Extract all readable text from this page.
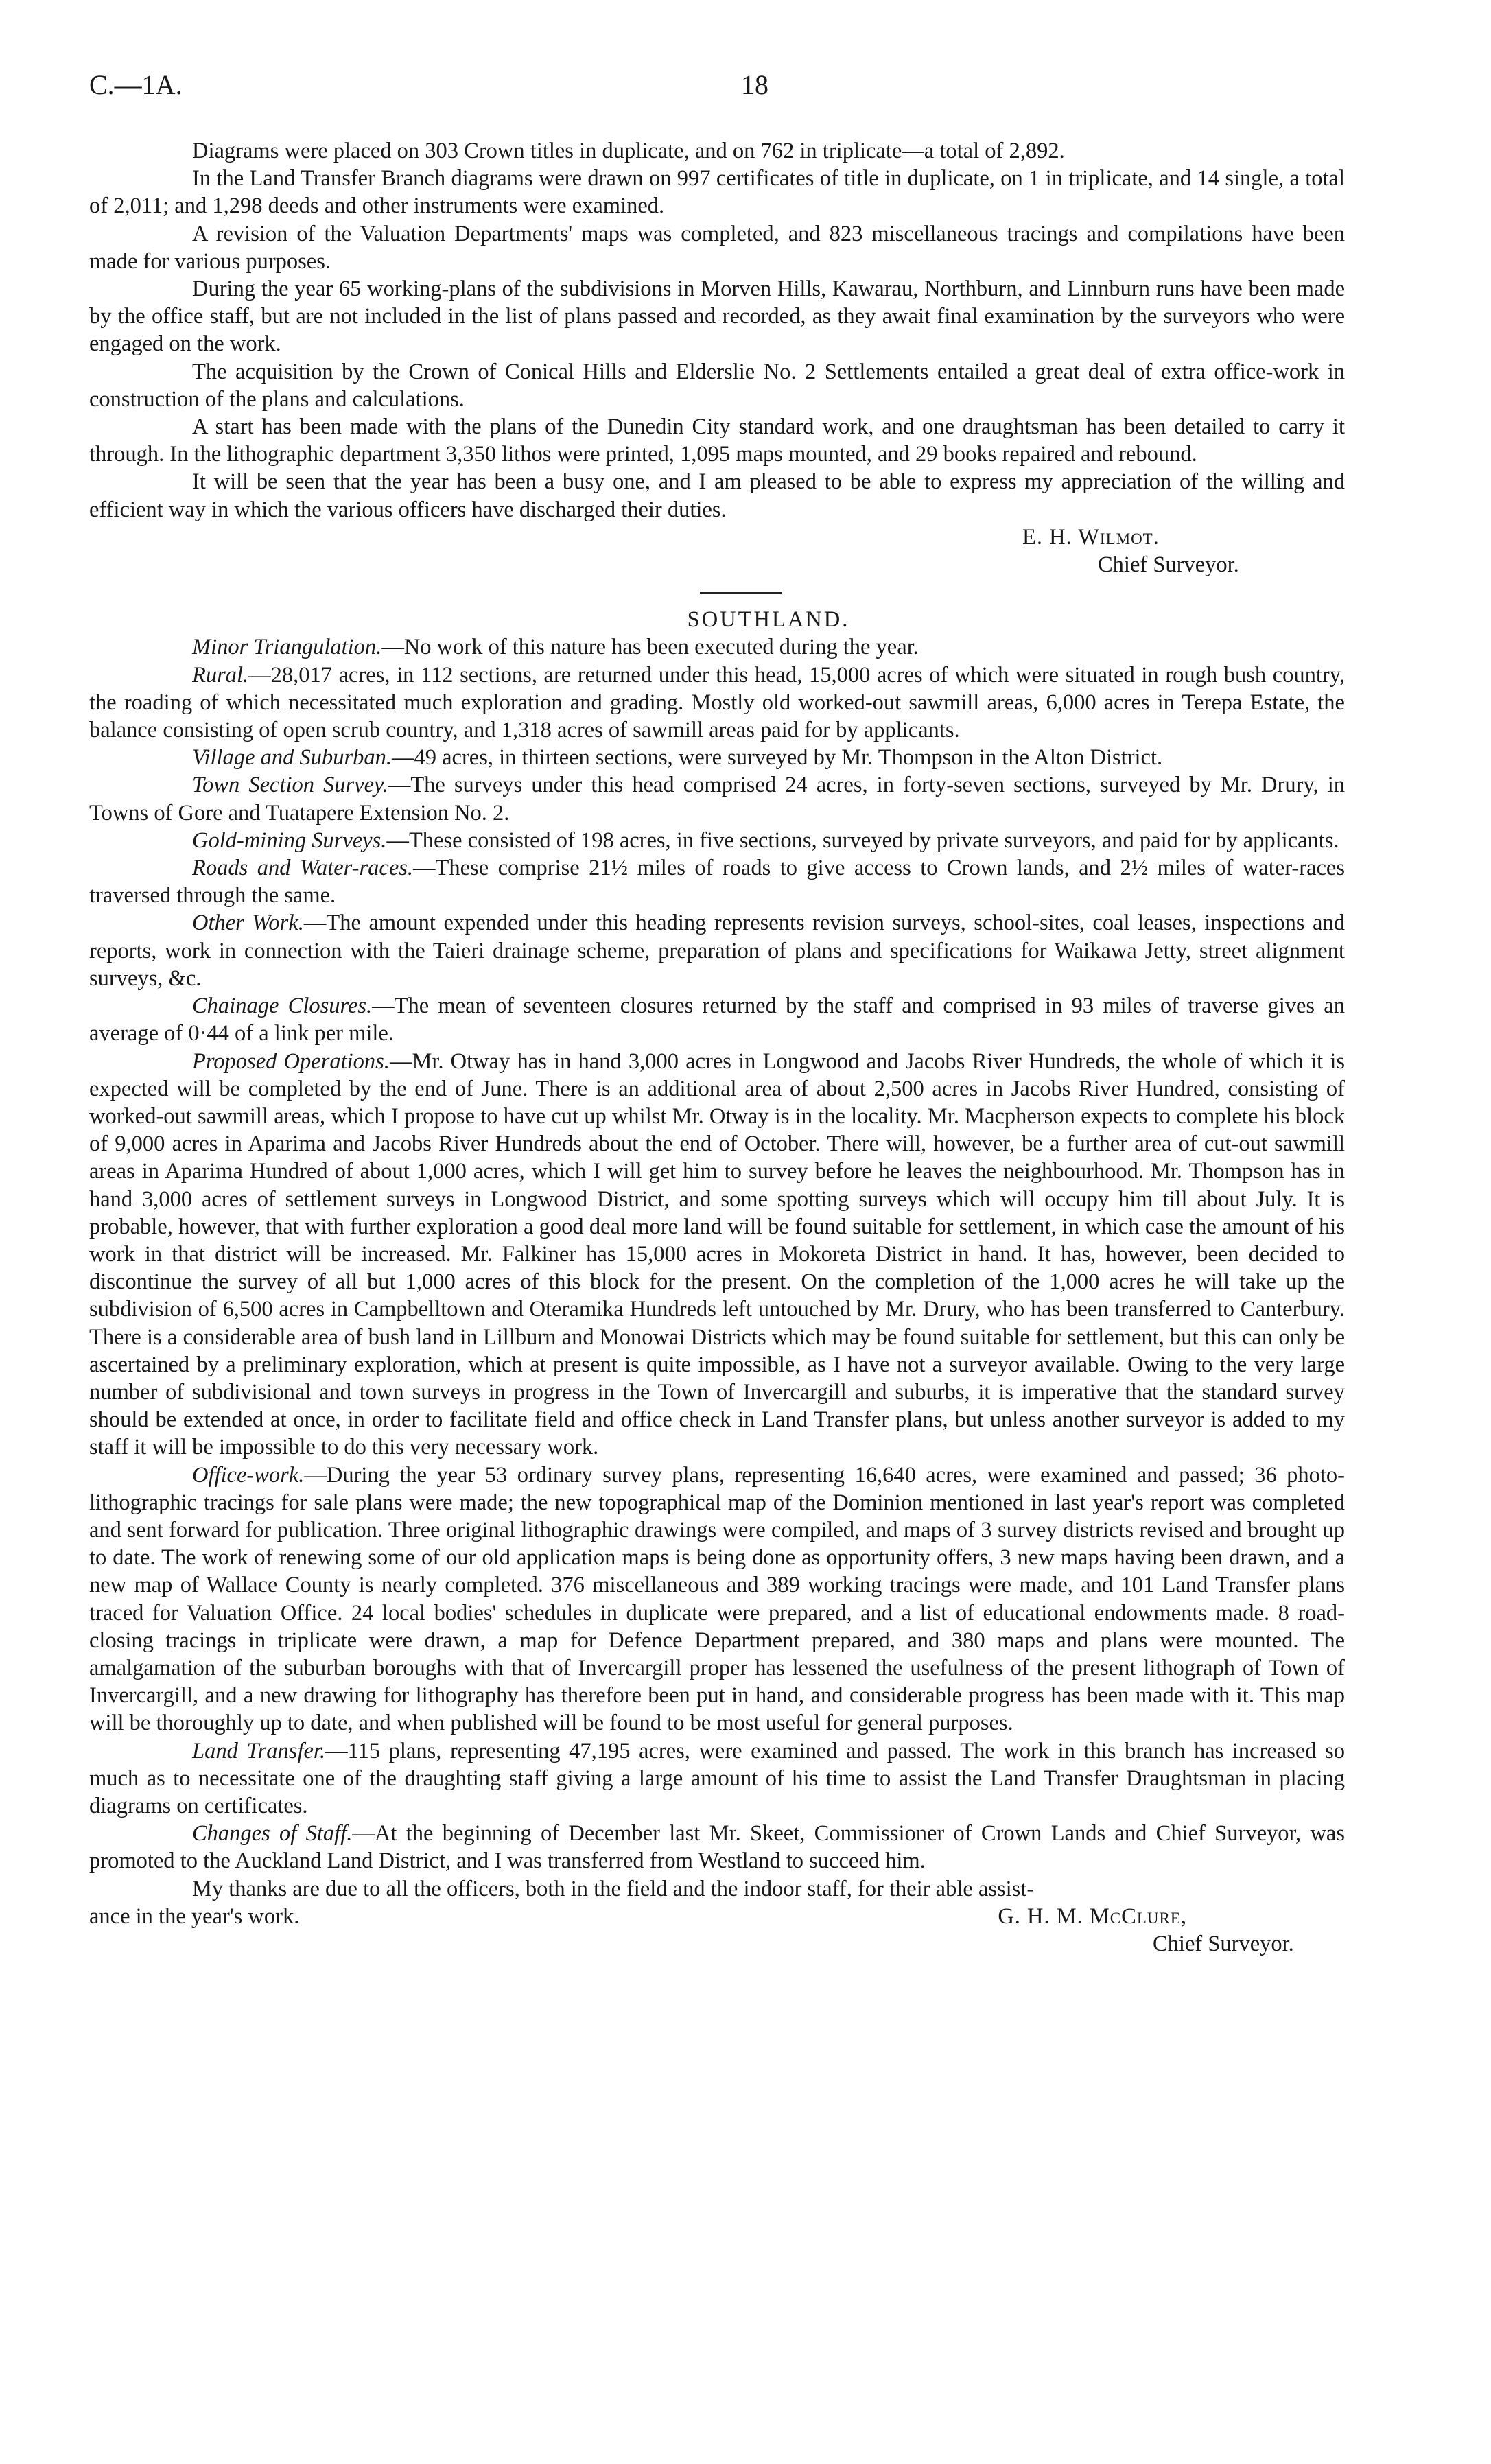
C.—1A.	18

Diagrams were placed on 303 Crown titles in duplicate, and on 762 in triplicate—a total of 2,892.

In the Land Transfer Branch diagrams were drawn on 997 certificates of title in duplicate, on 1 in triplicate, and 14 single, a total of 2,011; and 1,298 deeds and other instruments were examined.

A revision of the Valuation Departments' maps was completed, and 823 miscellaneous tracings and compilations have been made for various purposes.

During the year 65 working-plans of the subdivisions in Morven Hills, Kawarau, Northburn, and Linnburn runs have been made by the office staff, but are not included in the list of plans passed and recorded, as they await final examination by the surveyors who were engaged on the work.

The acquisition by the Crown of Conical Hills and Elderslie No. 2 Settlements entailed a great deal of extra office-work in construction of the plans and calculations.

A start has been made with the plans of the Dunedin City standard work, and one draughtsman has been detailed to carry it through. In the lithographic department 3,350 lithos were printed, 1,095 maps mounted, and 29 books repaired and rebound.

It will be seen that the year has been a busy one, and I am pleased to be able to express my appreciation of the willing and efficient way in which the various officers have discharged their duties.

E. H. Wilmot.
Chief Surveyor.

SOUTHLAND.

Minor Triangulation.—No work of this nature has been executed during the year.

Rural.—28,017 acres, in 112 sections, are returned under this head, 15,000 acres of which were situated in rough bush country, the roading of which necessitated much exploration and grading. Mostly old worked-out sawmill areas, 6,000 acres in Terepa Estate, the balance consisting of open scrub country, and 1,318 acres of sawmill areas paid for by applicants.

Village and Suburban.—49 acres, in thirteen sections, were surveyed by Mr. Thompson in the Alton District.

Town Section Survey.—The surveys under this head comprised 24 acres, in forty-seven sections, surveyed by Mr. Drury, in Towns of Gore and Tuatapere Extension No. 2.

Gold-mining Surveys.—These consisted of 198 acres, in five sections, surveyed by private surveyors, and paid for by applicants.

Roads and Water-races.—These comprise 21½ miles of roads to give access to Crown lands, and 2½ miles of water-races traversed through the same.

Other Work.—The amount expended under this heading represents revision surveys, school-sites, coal leases, inspections and reports, work in connection with the Taieri drainage scheme, preparation of plans and specifications for Waikawa Jetty, street alignment surveys, &c.

Chainage Closures.—The mean of seventeen closures returned by the staff and comprised in 93 miles of traverse gives an average of 0·44 of a link per mile.

Proposed Operations.—Mr. Otway has in hand 3,000 acres in Longwood and Jacobs River Hundreds, the whole of which it is expected will be completed by the end of June. There is an additional area of about 2,500 acres in Jacobs River Hundred, consisting of worked-out sawmill areas, which I propose to have cut up whilst Mr. Otway is in the locality. Mr. Macpherson expects to complete his block of 9,000 acres in Aparima and Jacobs River Hundreds about the end of October. There will, however, be a further area of cut-out sawmill areas in Aparima Hundred of about 1,000 acres, which I will get him to survey before he leaves the neighbourhood. Mr. Thompson has in hand 3,000 acres of settlement surveys in Longwood District, and some spotting surveys which will occupy him till about July. It is probable, however, that with further exploration a good deal more land will be found suitable for settlement, in which case the amount of his work in that district will be increased. Mr. Falkiner has 15,000 acres in Mokoreta District in hand. It has, however, been decided to discontinue the survey of all but 1,000 acres of this block for the present. On the completion of the 1,000 acres he will take up the subdivision of 6,500 acres in Campbelltown and Oteramika Hundreds left untouched by Mr. Drury, who has been transferred to Canterbury. There is a considerable area of bush land in Lillburn and Monowai Districts which may be found suitable for settlement, but this can only be ascertained by a preliminary exploration, which at present is quite impossible, as I have not a surveyor available. Owing to the very large number of subdivisional and town surveys in progress in the Town of Invercargill and suburbs, it is imperative that the standard survey should be extended at once, in order to facilitate field and office check in Land Transfer plans, but unless another surveyor is added to my staff it will be impossible to do this very necessary work.

Office-work.—During the year 53 ordinary survey plans, representing 16,640 acres, were examined and passed; 36 photo-lithographic tracings for sale plans were made; the new topographical map of the Dominion mentioned in last year's report was completed and sent forward for publication. Three original lithographic drawings were compiled, and maps of 3 survey districts revised and brought up to date. The work of renewing some of our old application maps is being done as opportunity offers, 3 new maps having been drawn, and a new map of Wallace County is nearly completed. 376 miscellaneous and 389 working tracings were made, and 101 Land Transfer plans traced for Valuation Office. 24 local bodies' schedules in duplicate were prepared, and a list of educational endowments made. 8 road-closing tracings in triplicate were drawn, a map for Defence Department prepared, and 380 maps and plans were mounted. The amalgamation of the suburban boroughs with that of Invercargill proper has lessened the usefulness of the present lithograph of Town of Invercargill, and a new drawing for lithography has therefore been put in hand, and considerable progress has been made with it. This map will be thoroughly up to date, and when published will be found to be most useful for general purposes.

Land Transfer.—115 plans, representing 47,195 acres, were examined and passed. The work in this branch has increased so much as to necessitate one of the draughting staff giving a large amount of his time to assist the Land Transfer Draughtsman in placing diagrams on certificates.

Changes of Staff.—At the beginning of December last Mr. Skeet, Commissioner of Crown Lands and Chief Surveyor, was promoted to the Auckland Land District, and I was transferred from Westland to succeed him.

My thanks are due to all the officers, both in the field and the indoor staff, for their able assist-

ance in the year's work.	G. H. M. McClure,
Chief Surveyor.
